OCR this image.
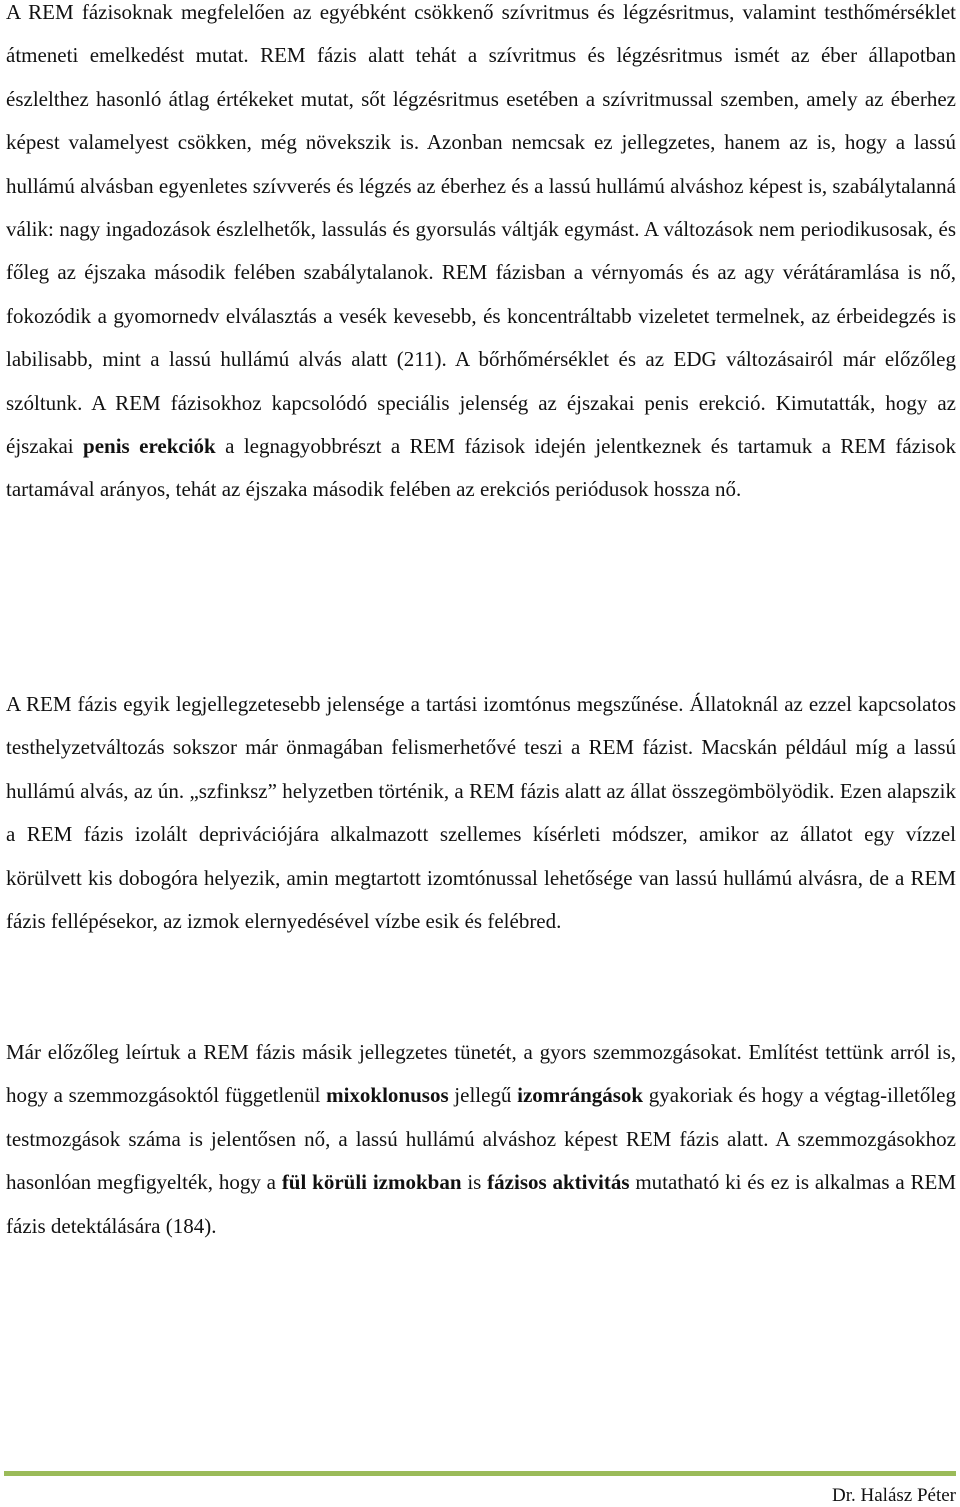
A REM fázisoknak megfelelően az egyébként csökkenő szívritmus és légzésritmus, valamint testhőmérséklet átmeneti emelkedést mutat. REM fázis alatt tehát a szívritmus és légzésritmus ismét az éber állapotban észlelthez hasonló átlag értékeket mutat, sőt légzésritmus esetében a szívritmussal szemben, amely az éberhez képest valamelyest csökken, még növekszik is. Azonban nemcsak ez jellegzetes, hanem az is, hogy a lassú hullámú alvásban egyenletes szívverés és légzés az éberhez és a lassú hullámú alváshoz képest is, szabálytalanná válik: nagy ingadozások észlelhetők, lassulás és gyorsulás váltják egymást. A változások nem periodikusosak, és főleg az éjszaka második felében szabálytalanok. REM fázisban a vérnyomás és az agy vérátáramlása is nő, fokozódik a gyomornedv elválasztás a vesék kevesebb, és koncentráltabb vizeletet termelnek, az érbeidegzés is labilisabb, mint a lassú hullámú alvás alatt (211). A bőrhőmérséklet és az EDG változásairól már előzőleg szóltunk. A REM fázisokhoz kapcsolódó speciális jelenség az éjszakai penis erekció. Kimutatták, hogy az éjszakai penis erekciók a legnagyobbrészt a REM fázisok idején jelentkeznek és tartamuk a REM fázisok tartamával arányos, tehát az éjszaka második felében az erekciós periódusok hossza nő.

A REM fázis egyik legjellegzetesebb jelensége a tartási izomtónus megszűnése. Állatoknál az ezzel kapcsolatos testhelyzetváltozás sokszor már önmagában felismerhetővé teszi a REM fázist. Macskán például míg a lassú hullámú alvás, az ún. „szfinksz” helyzetben történik, a REM fázis alatt az állat összegömbölyödik. Ezen alapszik a REM fázis izolált deprivációjára alkalmazott szellemes kísérleti módszer, amikor az állatot egy vízzel körülvett kis dobogóra helyezik, amin megtartott izomtónussal lehetősége van lassú hullámú alvásra, de a REM fázis fellépésekor, az izmok elernyedésével vízbe esik és felébred.

Már előzőleg leírtuk a REM fázis másik jellegzetes tünetét, a gyors szemmozgásokat. Említést tettünk arról is, hogy a szemmozgásoktól függetlenül mixoklonusos jellegű izomrángások gyakoriak és hogy a végtag-illetőleg testmozgások száma is jelentősen nő, a lassú hullámú alváshoz képest REM fázis alatt. A szemmozgásokhoz hasonlóan megfigyelték, hogy a fül körüli izmokban is fázisos aktivitás mutatható ki és ez is alkalmas a REM fázis detektálására (184).

Dr. Halász Péter
